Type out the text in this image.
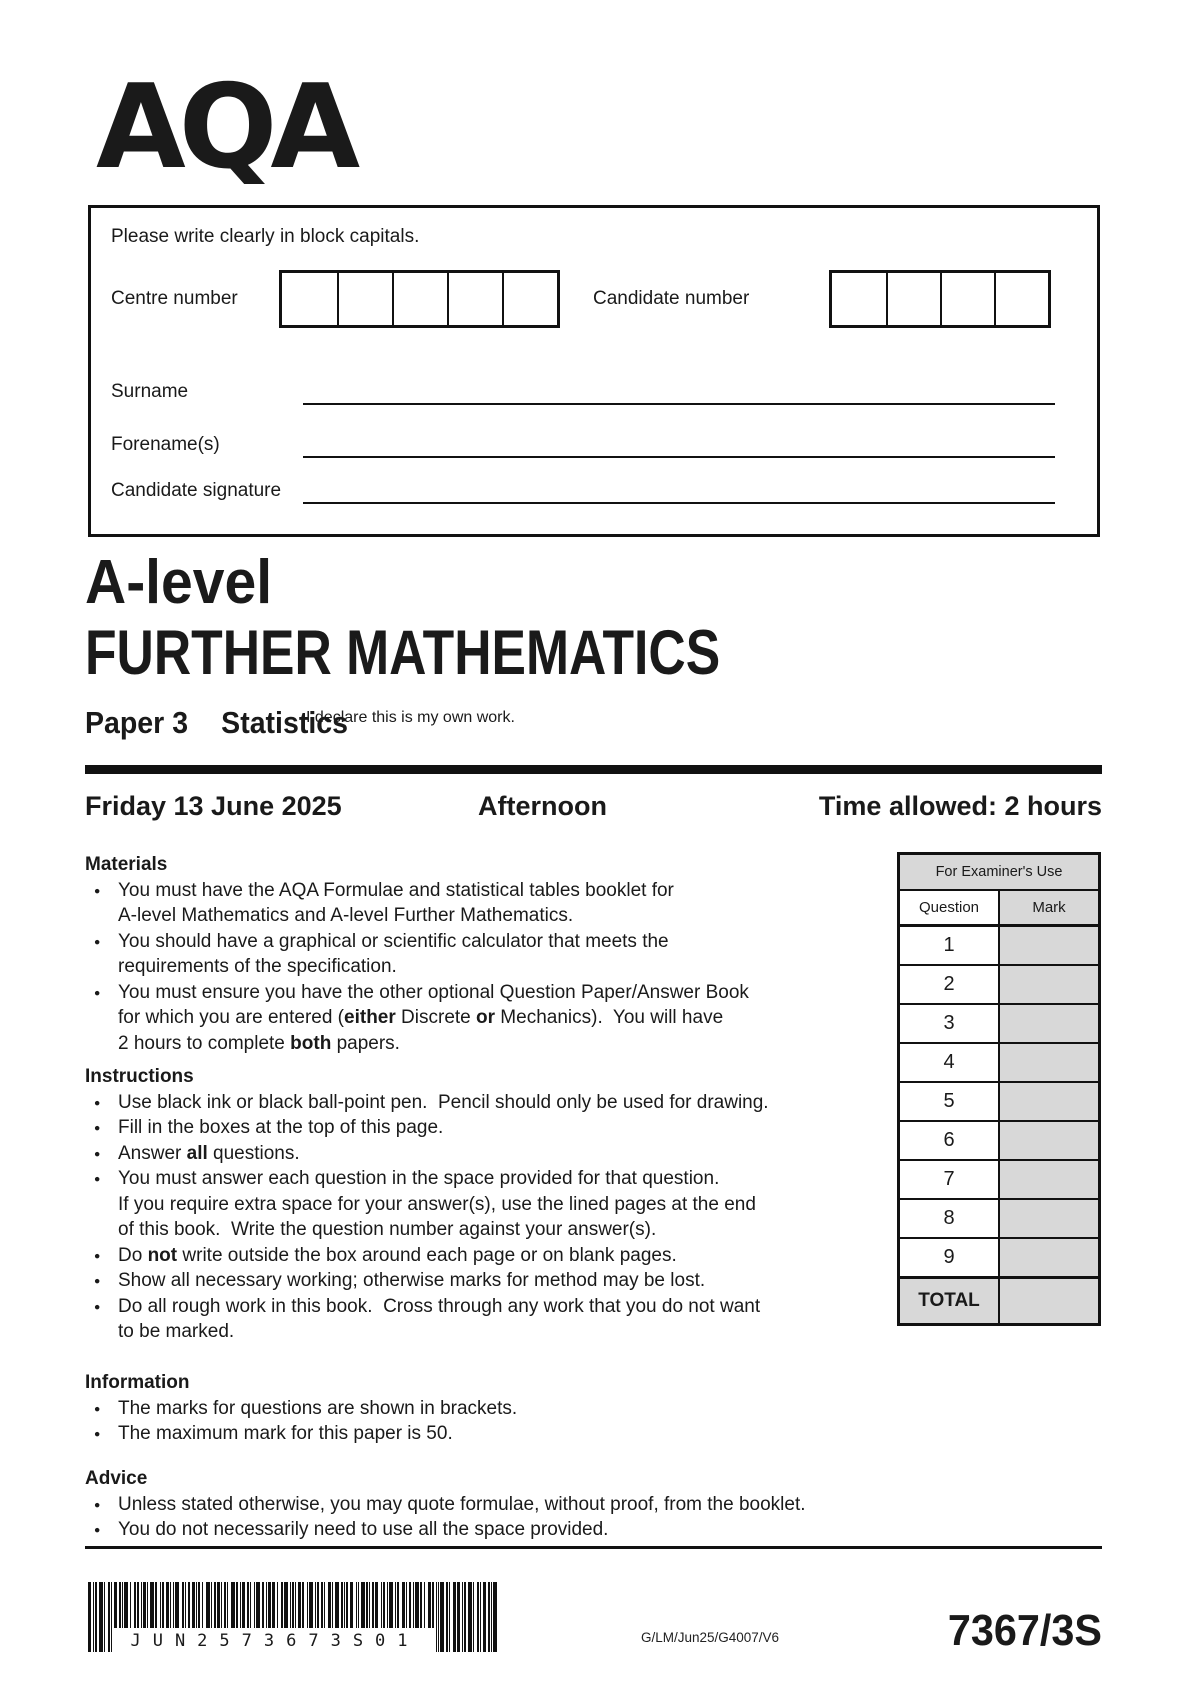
AQA
Please write clearly in block capitals.
Centre number	Candidate number
Surname
Forename(s)
Candidate signature
I declare this is my own work.
A-level
FURTHER MATHEMATICS
Paper 3 Statistics
Friday 13 June 2025	Afternoon	Time allowed: 2 hours
Materials
● You must have the AQA Formulae and statistical tables booklet for
A-level Mathematics and A-level Further Mathematics.
● You should have a graphical or scientific calculator that meets the
requirements of the specification.
● You must ensure you have the other optional Question Paper/Answer Book
for which you are entered (either Discrete or Mechanics).  You will have
2 hours to complete both papers.
Instructions
● Use black ink or black ball-point pen.  Pencil should only be used for drawing.
● Fill in the boxes at the top of this page.
● Answer all questions.
● You must answer each question in the space provided for that question.
If you require extra space for your answer(s), use the lined pages at the end
of this book.  Write the question number against your answer(s).
● Do not write outside the box around each page or on blank pages.
● Show all necessary working; otherwise marks for method may be lost.
● Do all rough work in this book.  Cross through any work that you do not want
to be marked.
Information
● The marks for questions are shown in brackets.
● The maximum mark for this paper is 50.
Advice
● Unless stated otherwise, you may quote formulae, without proof, from the booklet.
● You do not necessarily need to use all the space provided.
For Examiner's Use
Question	Mark
1
2
3
4
5
6
7
8
9
TOTAL
JUN2573673S01	G/LM/Jun25/G4007/V6	7367/3S
